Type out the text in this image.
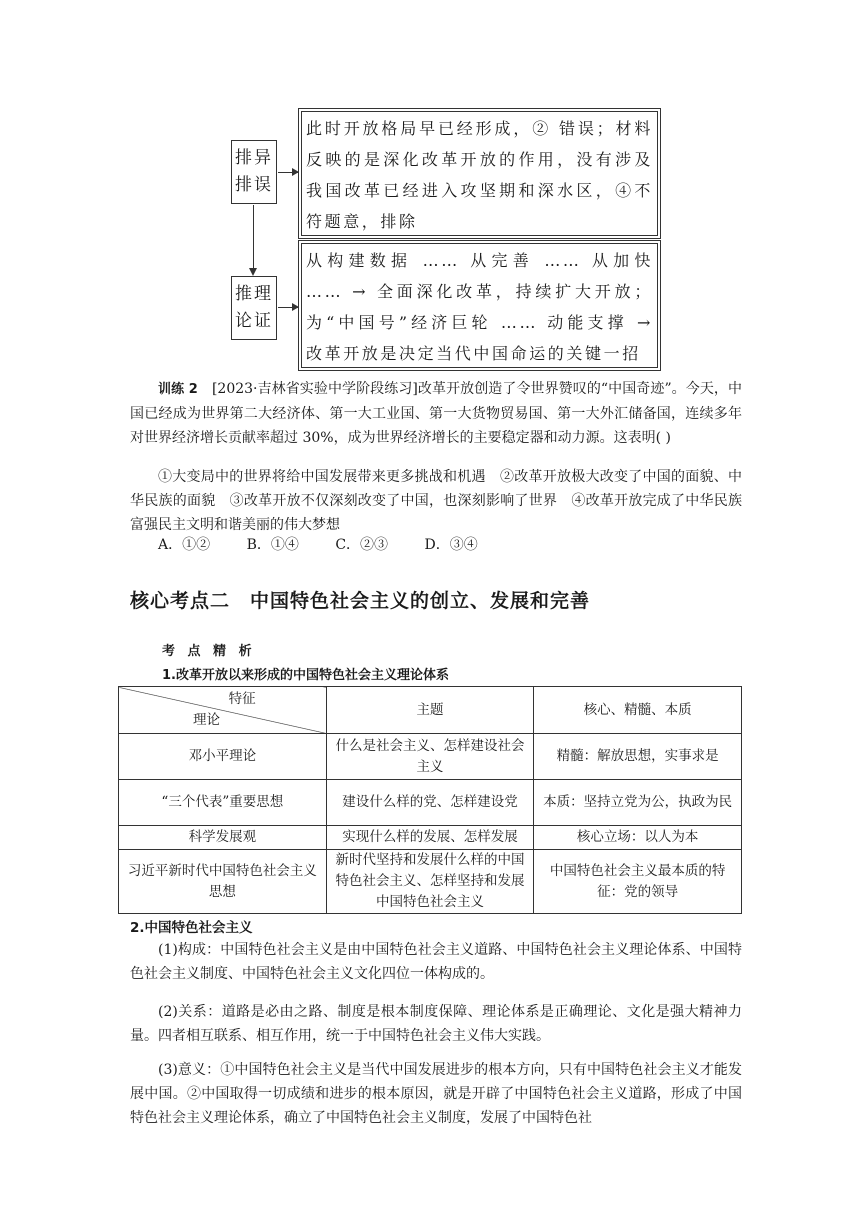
排异
排误
此时开放格局早已经形成，② 错误；材料反映的是深化改革开放的作用，没有涉及我国改革已经进入攻坚期和深水区，④不符题意，排除
推理
论证
从构建数据 …… 从完善 …… 从加快 …… → 全面深化改革，持续扩大开放；为“中国号”经济巨轮 …… 动能支撑 → 改革开放是决定当代中国命运的关键一招
训练 2　 [2023·吉林省实验中学阶段练习]改革开放创造了令世界赞叹的“中国奇迹”。今天，中国已经成为世界第二大经济体、第一大工业国、第一大货物贸易国、第一大外汇储备国，连续多年对世界经济增长贡献率超过 30%，成为世界经济增长的主要稳定器和动力源。这表明( )
①大变局中的世界将给中国发展带来更多挑战和机遇　②改革开放极大改变了中国的面貌、中华民族的面貌　③改革开放不仅深刻改变了中国，也深刻影响了世界　④改革开放完成了中华民族富强民主文明和谐美丽的伟大梦想
A．①②	B．①④	C．②③	D．③④
核心考点二　中国特色社会主义的创立、发展和完善
考 点 精 析
1.改革开放以来形成的中国特色社会主义理论体系
特征
理论	主题	核心、精髓、本质
邓小平理论	什么是社会主义、怎样建设社会主义	精髓：解放思想，实事求是
“三个代表”重要思想	建设什么样的党、怎样建设党	本质：坚持立党为公，执政为民
科学发展观	实现什么样的发展、怎样发展	核心立场：以人为本
习近平新时代中国特色社会主义思想	新时代坚持和发展什么样的中国特色社会主义、怎样坚持和发展中国特色社会主义	中国特色社会主义最本质的特征：党的领导
2.中国特色社会主义
(1)构成：中国特色社会主义是由中国特色社会主义道路、中国特色社会主义理论体系、中国特色社会主义制度、中国特色社会主义文化四位一体构成的。
(2)关系：道路是必由之路、制度是根本制度保障、理论体系是正确理论、文化是强大精神力量。四者相互联系、相互作用，统一于中国特色社会主义伟大实践。
(3)意义：①中国特色社会主义是当代中国发展进步的根本方向，只有中国特色社会主义才能发展中国。②中国取得一切成绩和进步的根本原因，就是开辟了中国特色社会主义道路，形成了中国特色社会主义理论体系，确立了中国特色社会主义制度，发展了中国特色社
